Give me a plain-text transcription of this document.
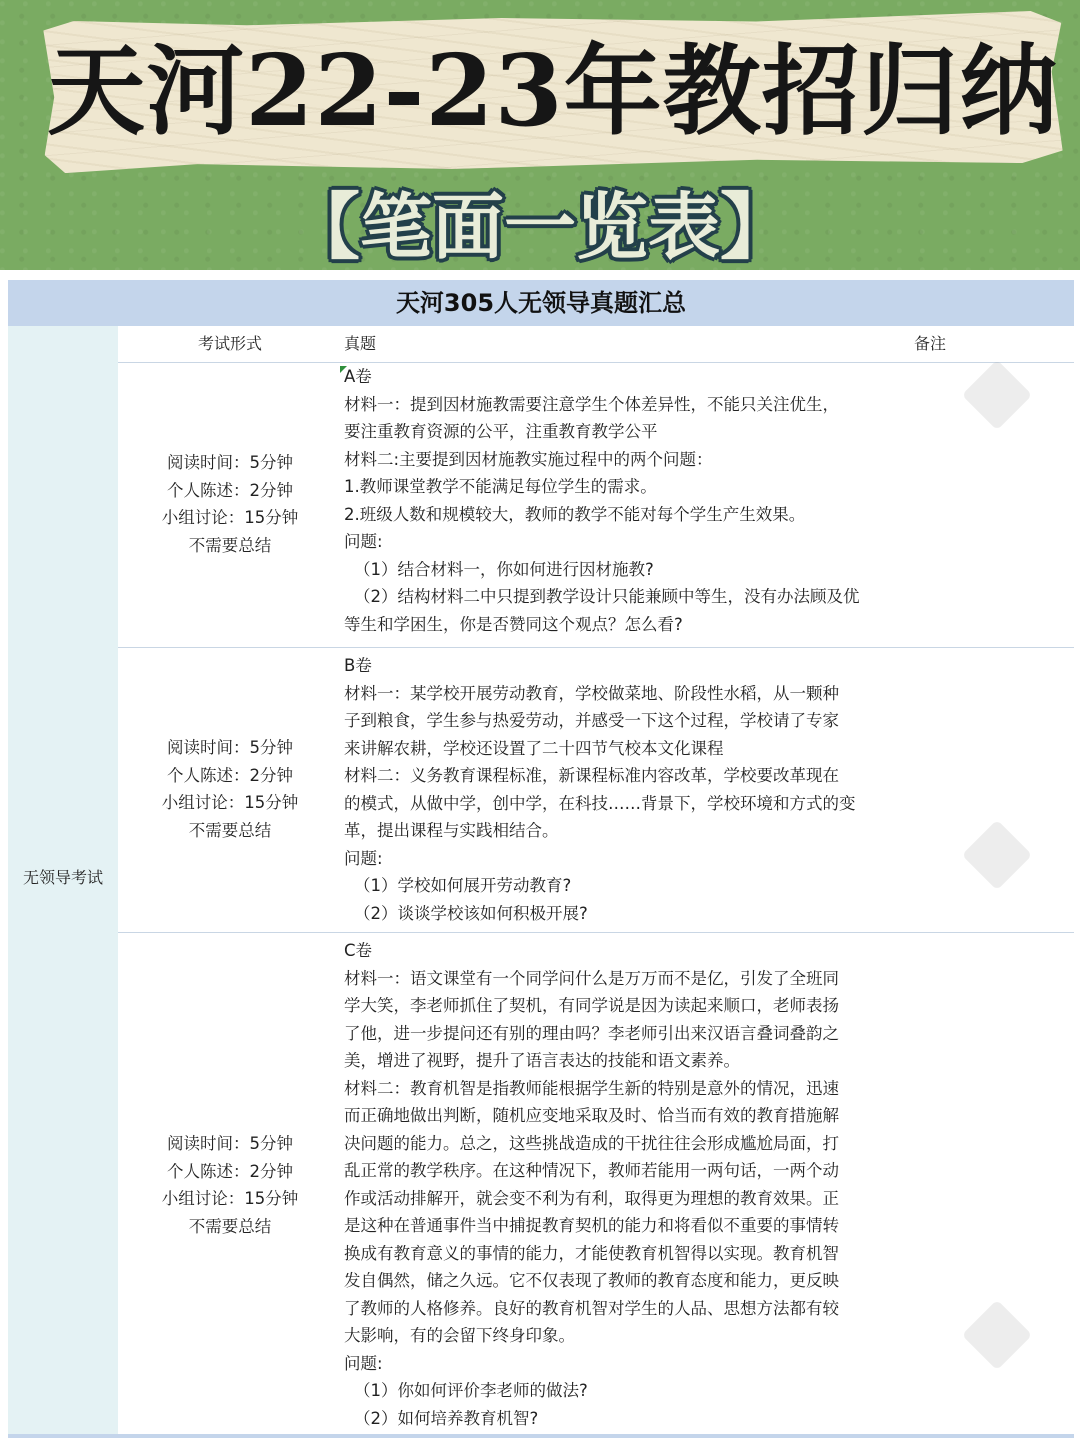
天河22-23年教招归纳
【笔面一览表】
天河305人无领导真题汇总
无领导考试
考试形式	真题	备注
阅读时间：5分钟
个人陈述：2分钟
小组讨论：15分钟
不需要总结
A卷
材料一：提到因材施教需要注意学生个体差异性，不能只关注优生，
要注重教育资源的公平，注重教育教学公平
材料二:主要提到因材施教实施过程中的两个问题：
1.教师课堂教学不能满足每位学生的需求。
2.班级人数和规模较大，教师的教学不能对每个学生产生效果。
问题:
（1）结合材料一，你如何进行因材施教?
（2）结构材料二中只提到教学设计只能兼顾中等生，没有办法顾及优
等生和学困生，你是否赞同这个观点？怎么看?
阅读时间：5分钟
个人陈述：2分钟
小组讨论：15分钟
不需要总结
B卷
材料一：某学校开展劳动教育，学校做菜地、阶段性水稻，从一颗种
子到粮食，学生参与热爱劳动，并感受一下这个过程，学校请了专家
来讲解农耕，学校还设置了二十四节气校本文化课程
材料二：义务教育课程标准，新课程标准内容改革，学校要改革现在
的模式，从做中学，创中学，在科技……背景下，学校环境和方式的变
革，提出课程与实践相结合。
问题:
（1）学校如何展开劳动教育?
（2）谈谈学校该如何积极开展?
阅读时间：5分钟
个人陈述：2分钟
小组讨论：15分钟
不需要总结
C卷
材料一：语文课堂有一个同学问什么是万万而不是亿，引发了全班同
学大笑，李老师抓住了契机，有同学说是因为读起来顺口，老师表扬
了他，进一步提问还有别的理由吗？李老师引出来汉语言叠词叠韵之
美，增进了视野，提升了语言表达的技能和语文素养。
材料二：教育机智是指教师能根据学生新的特别是意外的情况，迅速
而正确地做出判断，随机应变地采取及时、恰当而有效的教育措施解
决问题的能力。总之，这些挑战造成的干扰往往会形成尴尬局面，打
乱正常的教学秩序。在这种情况下，教师若能用一两句话，一两个动
作或活动排解开，就会变不利为有利，取得更为理想的教育效果。正
是这种在普通事件当中捕捉教育契机的能力和将看似不重要的事情转
换成有教育意义的事情的能力，才能使教育机智得以实现。教育机智
发自偶然，储之久远。它不仅表现了教师的教育态度和能力，更反映
了教师的人格修养。良好的教育机智对学生的人品、思想方法都有较
大影响，有的会留下终身印象。
问题:
（1）你如何评价李老师的做法?
（2）如何培养教育机智?
